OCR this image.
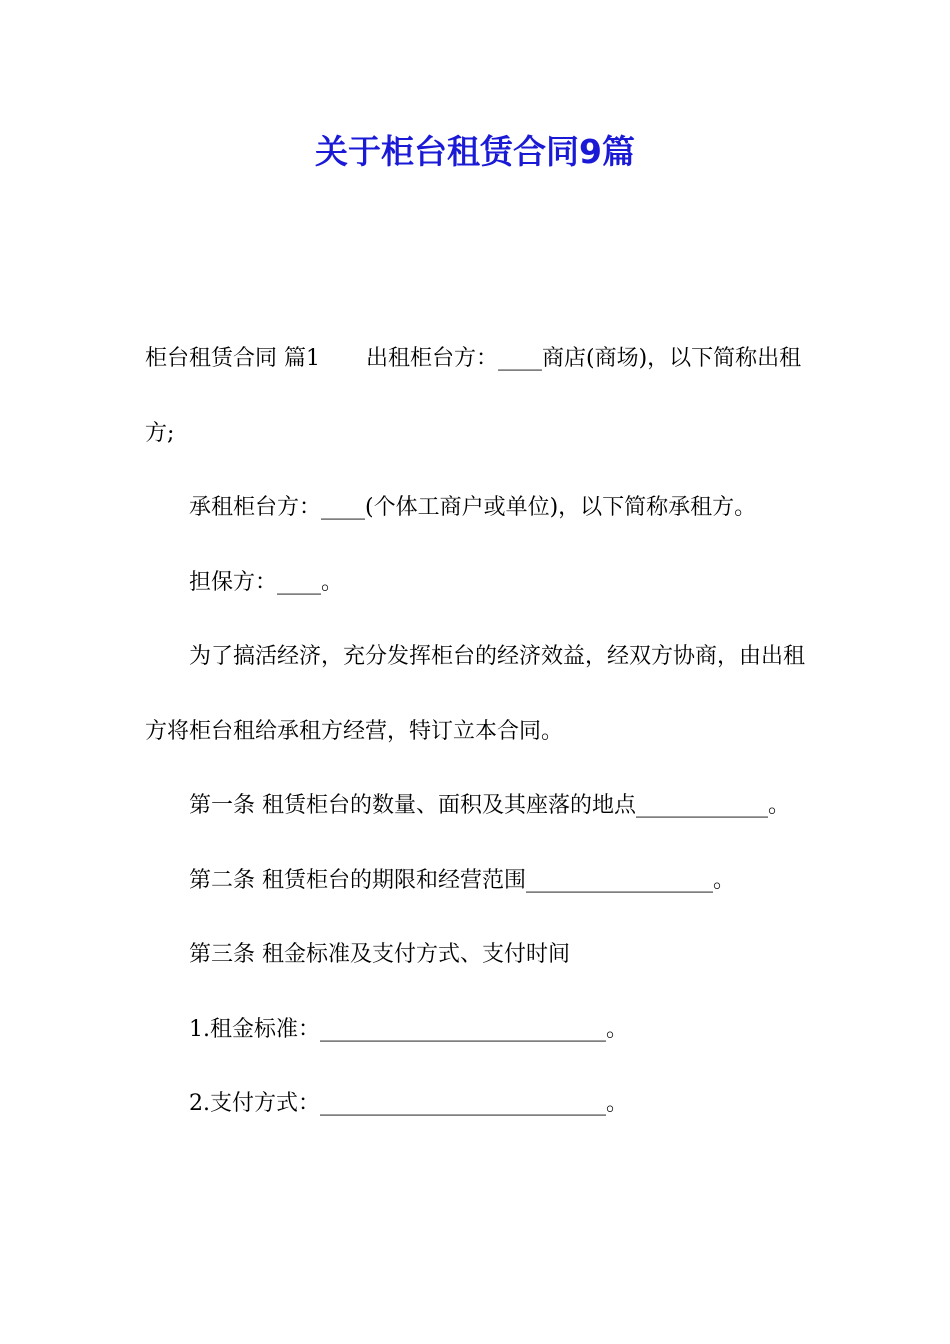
关于柜台租赁合同9篇

柜台租赁合同 篇1 出租柜台方：____商店(商场)，以下简称出租方;

承租柜台方：____(个体工商户或单位)，以下简称承租方。

担保方：____。

为了搞活经济，充分发挥柜台的经济效益，经双方协商，由出租方将柜台租给承租方经营，特订立本合同。

第一条 租赁柜台的数量、面积及其座落的地点____________。

第二条 租赁柜台的期限和经营范围_________________。

第三条 租金标准及支付方式、支付时间

1.租金标准：__________________________。

2.支付方式：__________________________。
